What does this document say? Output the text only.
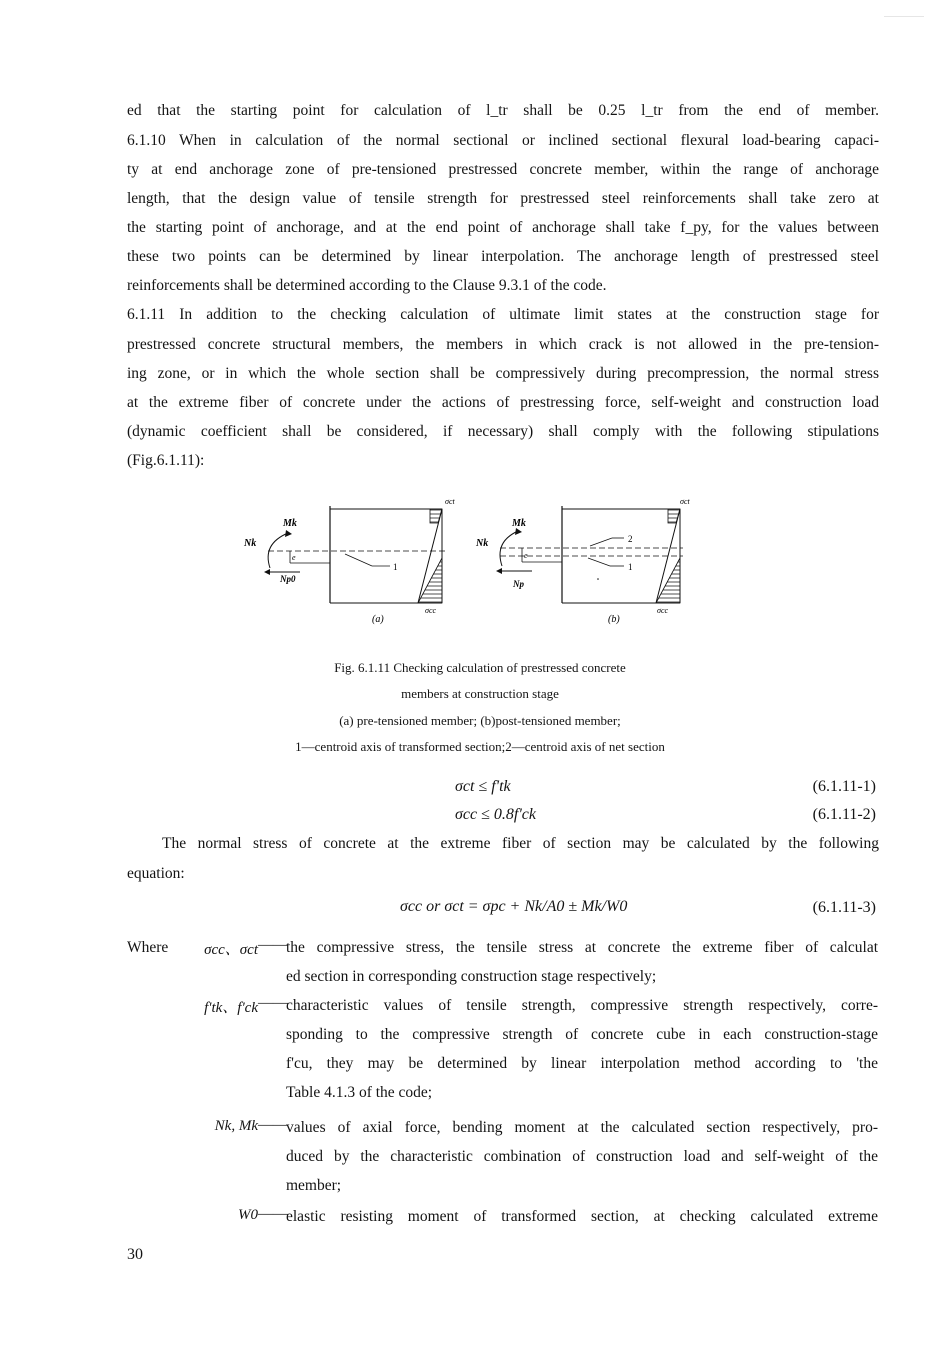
ed that the starting point for calculation of l_tr shall be 0.25 l_tr from the end of member.
6.1.10 When in calculation of the normal sectional or inclined sectional flexural load-bearing capaci-
ty at end anchorage zone of pre-tensioned prestressed concrete member, within the range of anchorage
length, that the design value of tensile strength for prestressed steel reinforcements shall take zero at
the starting point of anchorage, and at the end point of anchorage shall take f_py, for the values between
these two points can be determined by linear interpolation. The anchorage length of prestressed steel
reinforcements shall be determined according to the Clause 9.3.1 of the code.
6.1.11 In addition to the checking calculation of ultimate limit states at the construction stage for
prestressed concrete structural members, the members in which crack is not allowed in the pre-tension-
ing zone, or in which the whole section shall be compressively during precompression, the normal stress
at the extreme fiber of concrete under the actions of prestressing force, self-weight and construction load
(dynamic coefficient shall be considered, if necessary) shall comply with the following stipulations
(Fig.6.1.11):
σct
Mk
Nk
e
Np0
1
σcc
(a)
σct
Mk
Nk
e
Np
2
1
σcc
(b)
Fig. 6.1.11 Checking calculation of prestressed concrete
members at construction stage
(a) pre-tensioned member; (b)post-tensioned member;
1—centroid axis of transformed section;2—centroid axis of net section
σct ≤ f'tk	(6.1.11-1)
σcc ≤ 0.8f'ck	(6.1.11-2)
The normal stress of concrete at the extreme fiber of section may be calculated by the following
equation:
σcc or σct = σpc + Nk/A0 ± Mk/W0	(6.1.11-3)
Where	σcc、σct ——
the compressive stress, the tensile stress at concrete the extreme fiber of calculat
ed section in corresponding construction stage respectively;
f'tk、f'ck ——
characteristic values of tensile strength, compressive strength respectively, corre-
sponding to the compressive strength of concrete cube in each construction-stage
f'cu, they may be determined by linear interpolation method according to 'the
Table 4.1.3 of the code;
Nk, Mk ——
values of axial force, bending moment at the calculated section respectively, pro-
duced by the characteristic combination of construction load and self-weight of the
member;
W0 ——
elastic resisting moment of transformed section, at checking calculated extreme
30
